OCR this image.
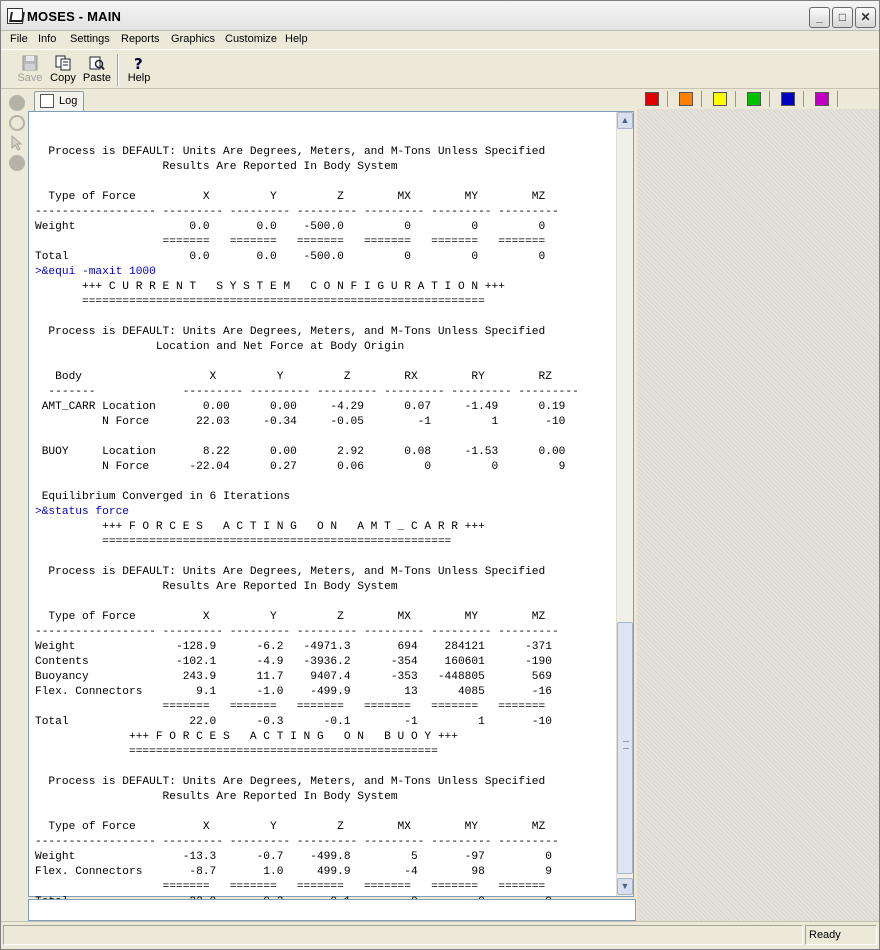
MOSES - MAIN	_	□	✕
File Info Settings Reports Graphics Customize Help
Save Copy Paste
?
Help
Log
Process is DEFAULT: Units Are Degrees, Meters, and M-Tons Unless Specified
Results Are Reported In Body System
Type of Force          X         Y         Z        MX        MY        MZ
------------------ --------- --------- --------- --------- --------- ---------
Weight                 0.0       0.0    -500.0         0         0         0
=======   =======   =======   =======   =======   =======
Total                  0.0       0.0    -500.0         0         0         0
>&equi -maxit 1000
+++ C U R R E N T   S Y S T E M   C O N F I G U R A T I O N +++
============================================================
Process is DEFAULT: Units Are Degrees, Meters, and M-Tons Unless Specified
Location and Net Force at Body Origin
Body                   X         Y         Z        RX        RY        RZ
-------             --------- --------- --------- --------- --------- ---------
AMT_CARR Location       0.00      0.00     -4.29      0.07     -1.49      0.19
N Force       22.03     -0.34     -0.05        -1         1       -10
BUOY     Location       8.22      0.00      2.92      0.08     -1.53      0.00
N Force      -22.04      0.27      0.06         0         0         9
Equilibrium Converged in 6 Iterations
>&status force
+++ F O R C E S   A C T I N G   O N   A M T _ C A R R +++
====================================================
Process is DEFAULT: Units Are Degrees, Meters, and M-Tons Unless Specified
Results Are Reported In Body System
Type of Force          X         Y         Z        MX        MY        MZ
------------------ --------- --------- --------- --------- --------- ---------
Weight               -128.9      -6.2   -4971.3       694    284121      -371
Contents             -102.1      -4.9   -3936.2      -354    160601      -190
Buoyancy              243.9      11.7    9407.4      -353   -448805       569
Flex. Connectors        9.1      -1.0    -499.9        13      4085       -16
=======   =======   =======   =======   =======   =======
Total                  22.0      -0.3      -0.1        -1         1       -10
+++ F O R C E S   A C T I N G   O N   B U O Y +++
==============================================
Process is DEFAULT: Units Are Degrees, Meters, and M-Tons Unless Specified
Results Are Reported In Body System
Type of Force          X         Y         Z        MX        MY        MZ
------------------ --------- --------- --------- --------- --------- ---------
Weight                -13.3      -0.7    -499.8         5       -97         0
Flex. Connectors       -8.7       1.0     499.9        -4        98         9
=======   =======   =======   =======   =======   =======
▲
▼
Ready
